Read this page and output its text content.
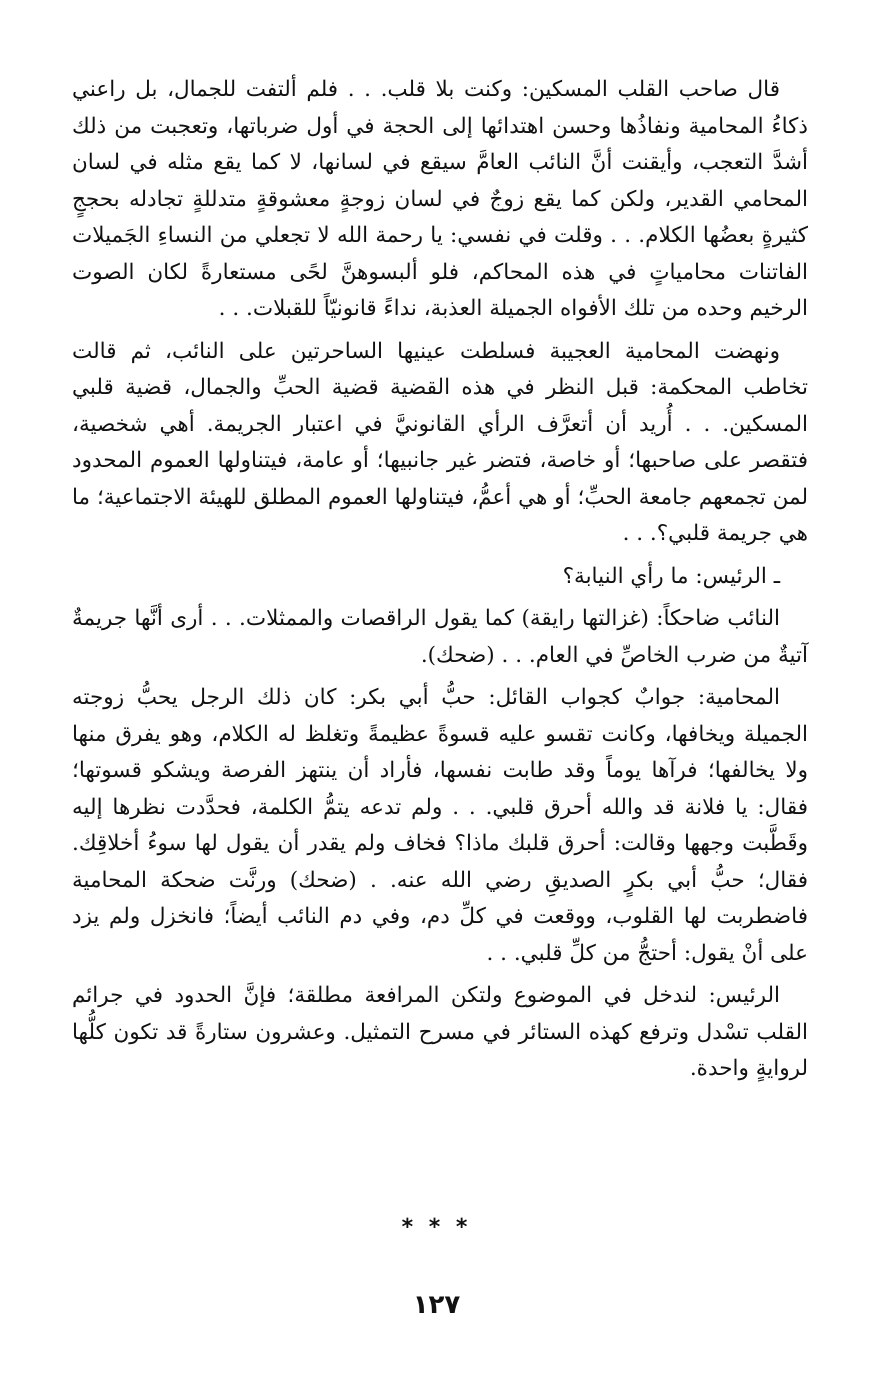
قال صاحب القلب المسكين: وكنت بلا قلب. . . فلم ألتفت للجمال، بل راعني ذكاءُ المحامية ونفاذُها وحسن اهتدائها إلى الحجة في أول ضرباتها، وتعجبت من ذلك أشدَّ التعجب، وأيقنت أنَّ النائب العامَّ سيقع في لسانها، لا كما يقع مثله في لسان المحامي القدير، ولكن كما يقع زوجٌ في لسان زوجةٍ معشوقةٍ متدللةٍ تجادله بحججٍ كثيرةٍ بعضُها الكلام. . . وقلت في نفسي: يا رحمة الله لا تجعلي من النساءِ الجَميلات الفاتنات محامياتٍ في هذه المحاكم، فلو ألبسوهنَّ لحًى مستعارةً لكان الصوت الرخيم وحده من تلك الأفواه الجميلة العذبة، نداءً قانونيّاً للقبلات. . .

ونهضت المحامية العجيبة فسلطت عينيها الساحرتين على النائب، ثم قالت تخاطب المحكمة: قبل النظر في هذه القضية قضية الحبِّ والجمال، قضية قلبي المسكين. . . أُريد أن أتعرَّف الرأي القانونيَّ في اعتبار الجريمة. أهي شخصية، فتقصر على صاحبها؛ أو خاصة، فتضر غير جانبيها؛ أو عامة، فيتناولها العموم المحدود لمن تجمعهم جامعة الحبِّ؛ أو هي أعمُّ، فيتناولها العموم المطلق للهيئة الاجتماعية؛ ما هي جريمة قلبي؟. . .

ـ الرئيس: ما رأي النيابة؟

النائب ضاحكاً: (غزالتها رايقة) كما يقول الراقصات والممثلات. . . أرى أنَّها جريمةٌ آتيةٌ من ضرب الخاصِّ في العام. . . (ضحك).

المحامية: جوابٌ كجواب القائل: حبُّ أبي بكر: كان ذلك الرجل يحبُّ زوجته الجميلة ويخافها، وكانت تقسو عليه قسوةً عظيمةً وتغلظ له الكلام، وهو يفرق منها ولا يخالفها؛ فرآها يوماً وقد طابت نفسها، فأراد أن ينتهز الفرصة ويشكو قسوتها؛ فقال: يا فلانة قد والله أحرق قلبي. . . ولم تدعه يتمُّ الكلمة، فحدَّدت نظرها إليه وقَطَّبت وجهها وقالت: أحرق قلبك ماذا؟ فخاف ولم يقدر أن يقول لها سوءُ أخلاقِك. فقال؛ حبُّ أبي بكرٍ الصديقِ رضي الله عنه. . (ضحك) ورنَّت ضحكة المحامية فاضطربت لها القلوب، ووقعت في كلِّ دم، وفي دم النائب أيضاً؛ فانخزل ولم يزد على أنْ يقول: أحتجُّ من كلِّ قلبي. . .

الرئيس: لندخل في الموضوع ولتكن المرافعة مطلقة؛ فإنَّ الحدود في جرائم القلب تسْدل وترفع كهذه الستائر في مسرح التمثيل. وعشرون ستارةً قد تكون كلُّها لروايةٍ واحدة.

* * *
١٢٧
